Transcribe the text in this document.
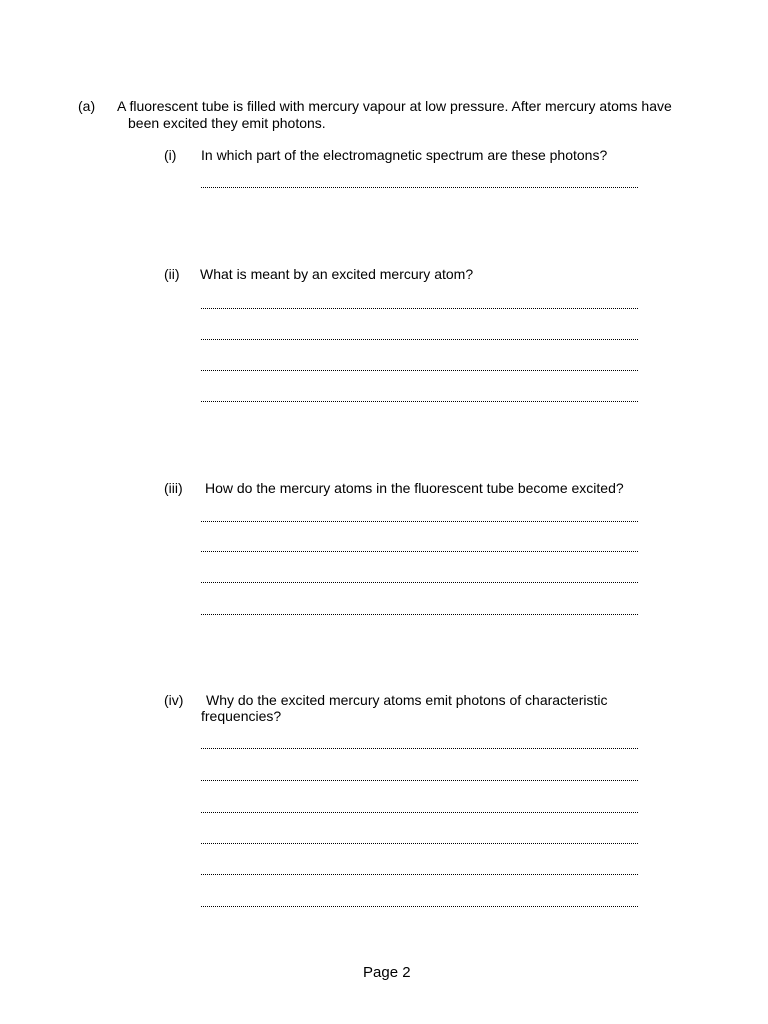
(a) A fluorescent tube is filled with mercury vapour at low pressure. After mercury atoms have
been excited they emit photons.
(i) In which part of the electromagnetic spectrum are these photons?
(ii) What is meant by an excited mercury atom?
(iii) How do the mercury atoms in the fluorescent tube become excited?
(iv) Why do the excited mercury atoms emit photons of characteristic
frequencies?
Page 2
